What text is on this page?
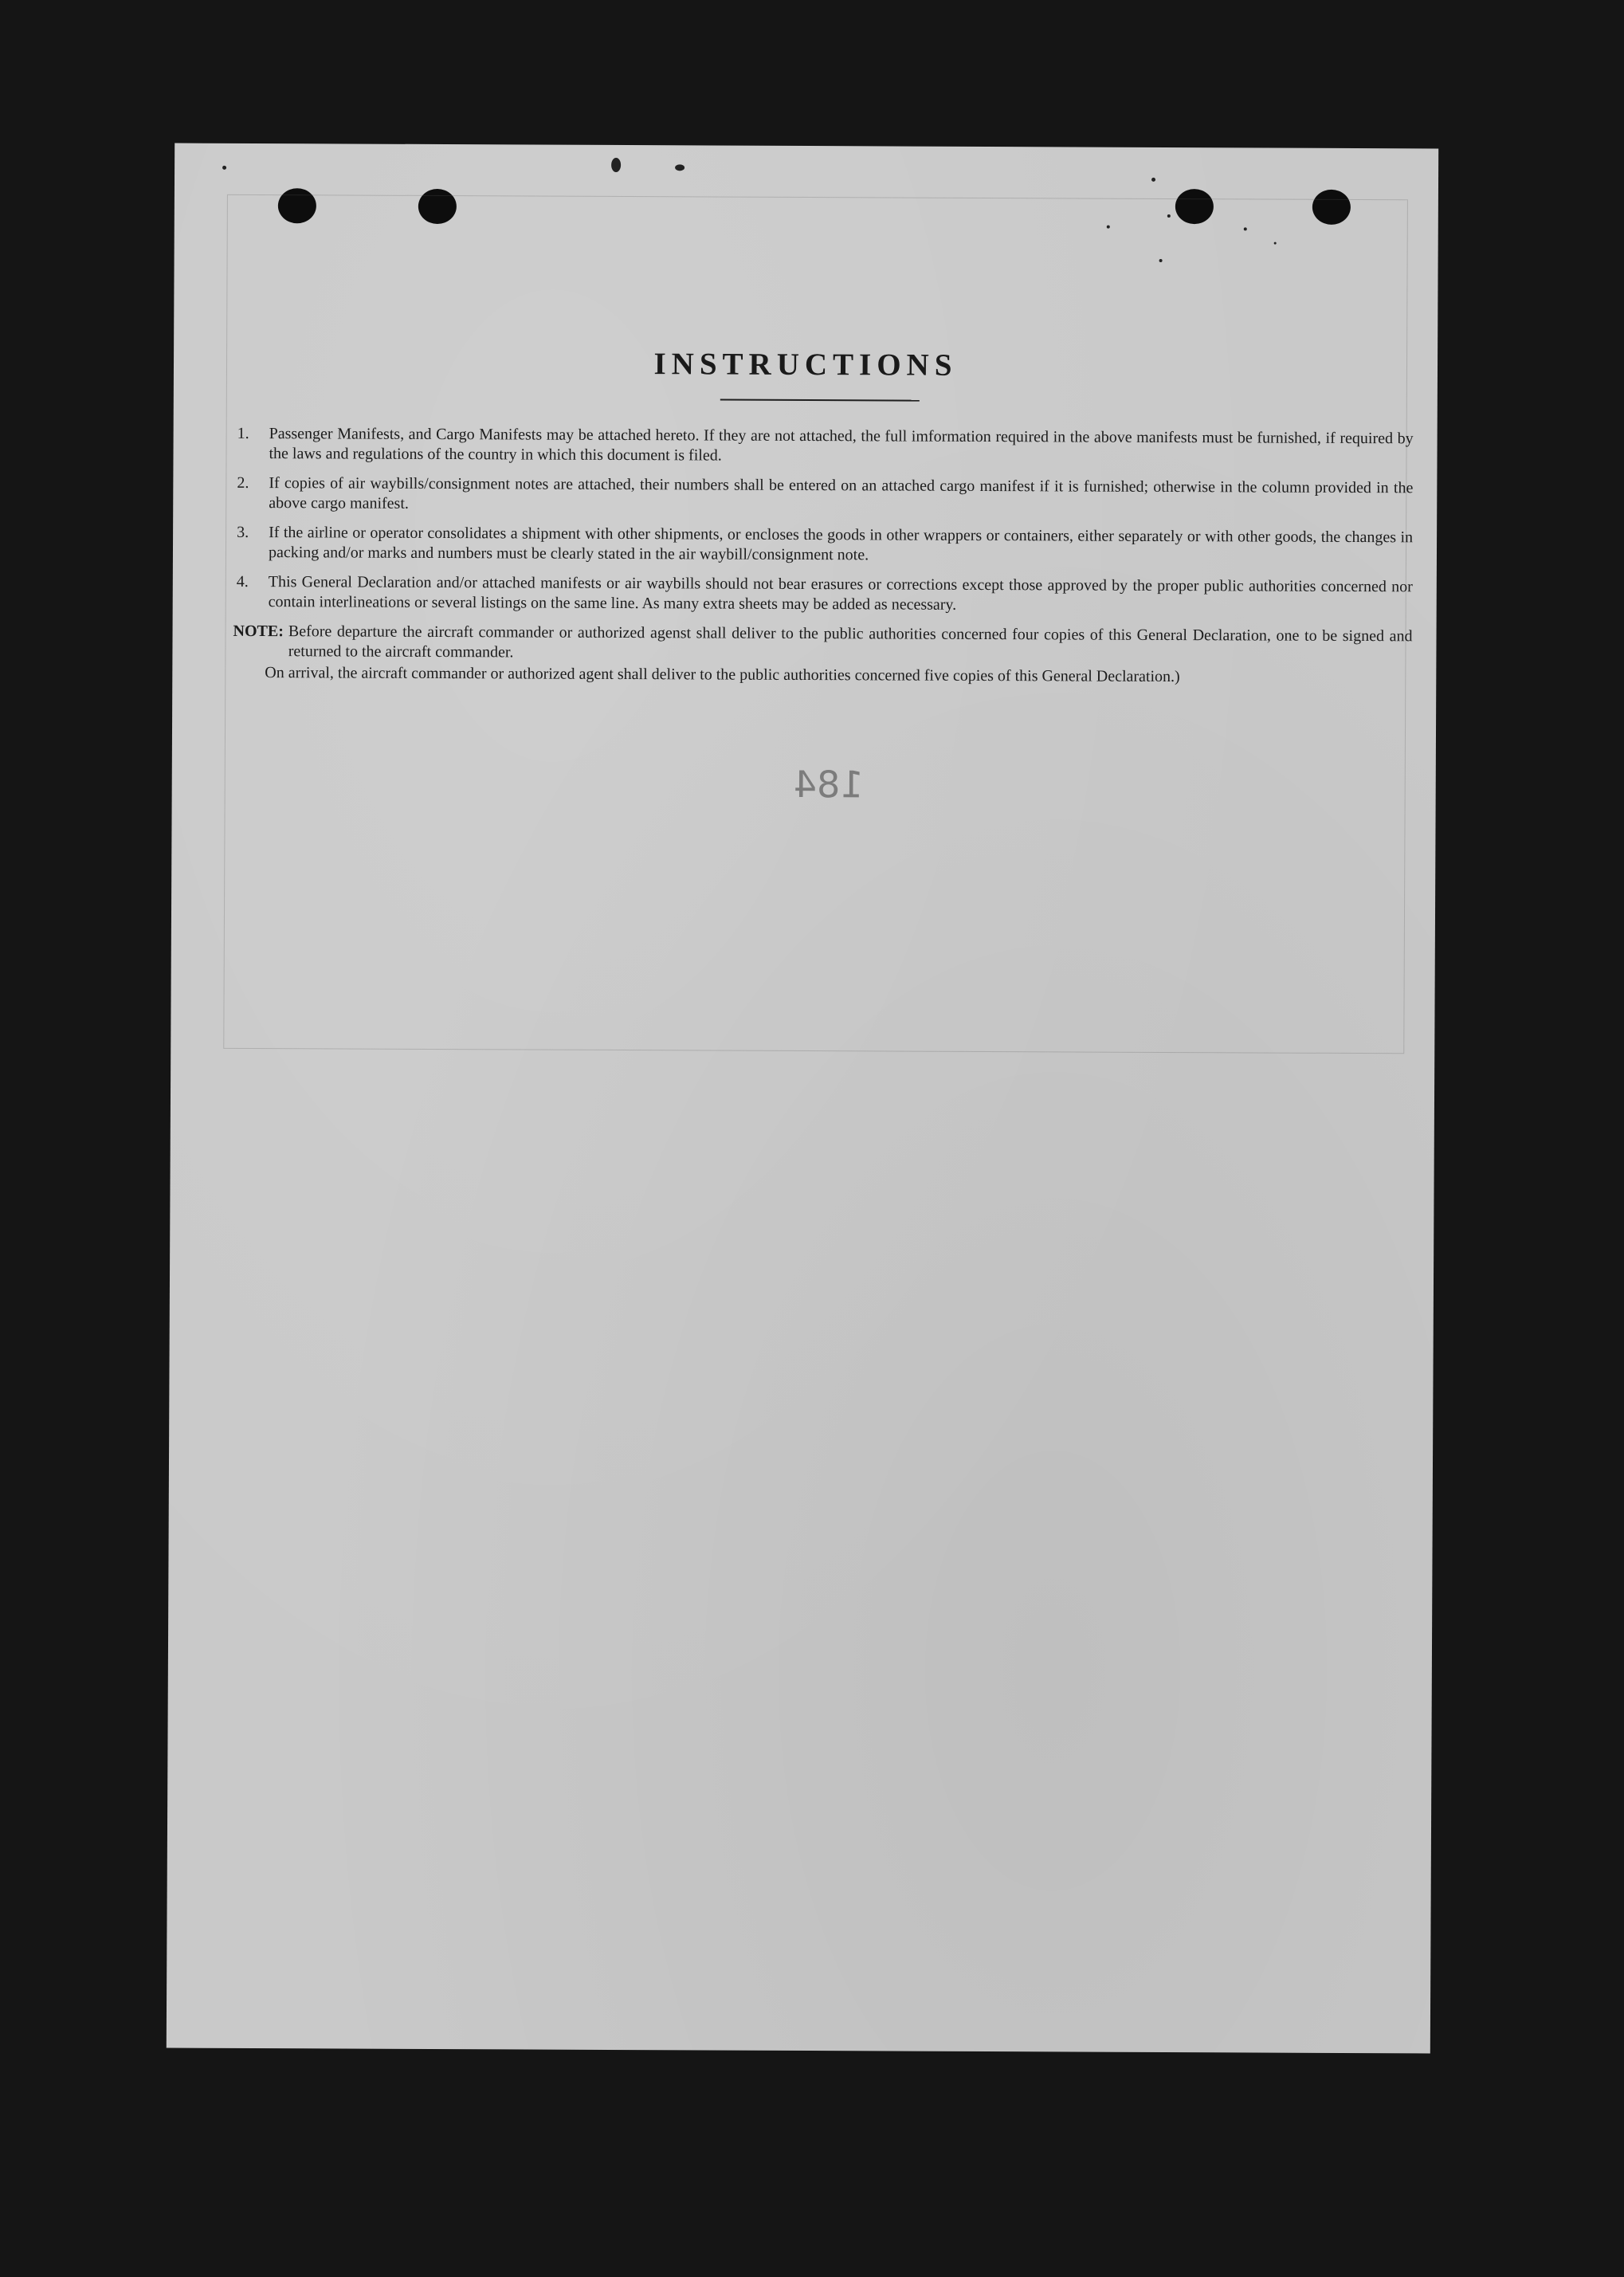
INSTRUCTIONS
1.	Passenger Manifests, and Cargo Manifests may be attached hereto. If they are not attached, the full imformation required in the above manifests must be furnished, if required by the laws and regulations of the country in which this document is filed.
2.	If copies of air waybills/consignment notes are attached, their numbers shall be entered on an attached cargo manifest if it is furnished; otherwise in the column provided in the above cargo manifest.
3.	If the airline or operator consolidates a shipment with other shipments, or encloses the goods in other wrappers or containers, either separately or with other goods, the changes in packing and/or marks and numbers must be clearly stated in the air waybill/consignment note.
4.	This General Declaration and/or attached manifests or air waybills should not bear erasures or corrections except those approved by the proper public authorities concerned nor contain interlineations or several listings on the same line. As many extra sheets may be added as necessary.
NOTE: Before departure the aircraft commander or authorized agenst shall deliver to the public authorities concerned four copies of this General Declaration, one to be signed and returned to the aircraft commander.
On arrival, the aircraft commander or authorized agent shall deliver to the public authorities concerned five copies of this General Declaration.)
184
